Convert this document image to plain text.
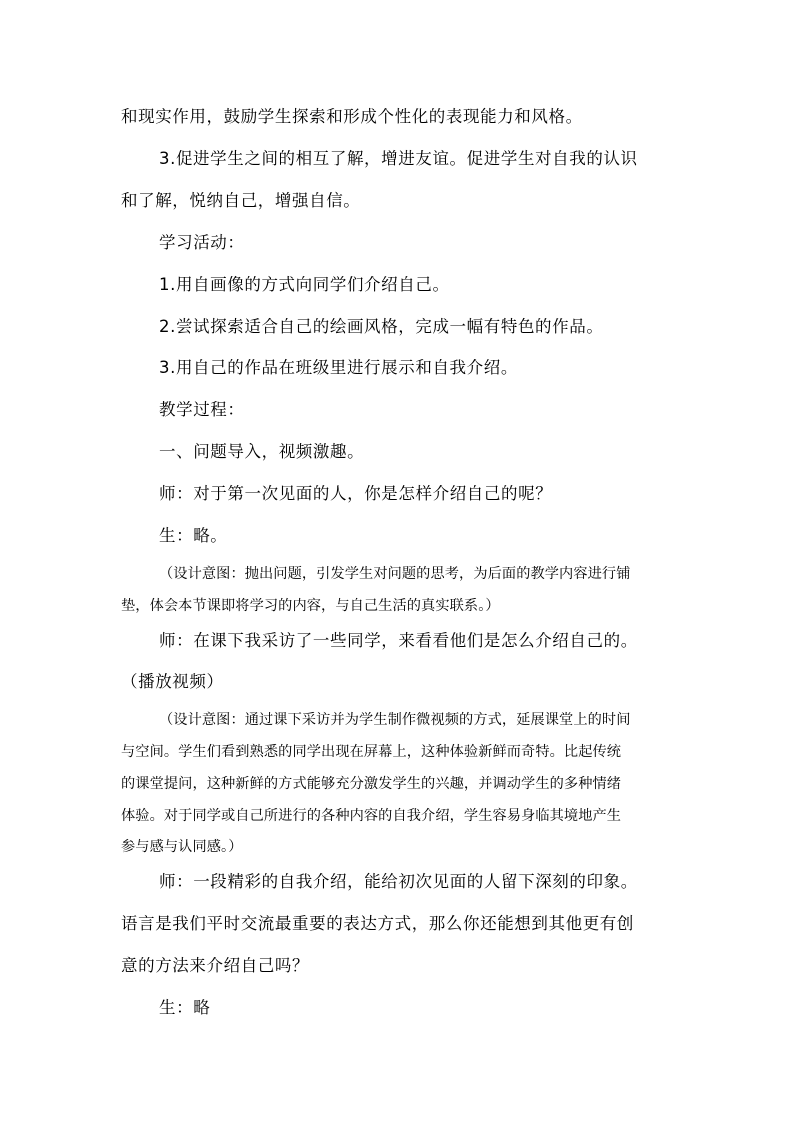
和现实作用，鼓励学生探索和形成个性化的表现能力和风格。
3.促进学生之间的相互了解，增进友谊。促进学生对自我的认识
和了解，悦纳自己，增强自信。
学习活动：
1.用自画像的方式向同学们介绍自己。
2.尝试探索适合自己的绘画风格，完成一幅有特色的作品。
3.用自己的作品在班级里进行展示和自我介绍。
教学过程：
一、问题导入，视频激趣。
师：对于第一次见面的人，你是怎样介绍自己的呢？
生：略。
（设计意图：抛出问题，引发学生对问题的思考，为后面的教学内容进行铺
垫，体会本节课即将学习的内容，与自己生活的真实联系。）
师：在课下我采访了一些同学，来看看他们是怎么介绍自己的。
（播放视频）
（设计意图：通过课下采访并为学生制作微视频的方式，延展课堂上的时间
与空间。学生们看到熟悉的同学出现在屏幕上，这种体验新鲜而奇特。比起传统
的课堂提问，这种新鲜的方式能够充分激发学生的兴趣，并调动学生的多种情绪
体验。对于同学或自己所进行的各种内容的自我介绍，学生容易身临其境地产生
参与感与认同感。）
师：一段精彩的自我介绍，能给初次见面的人留下深刻的印象。
语言是我们平时交流最重要的表达方式，那么你还能想到其他更有创
意的方法来介绍自己吗？
生：略
